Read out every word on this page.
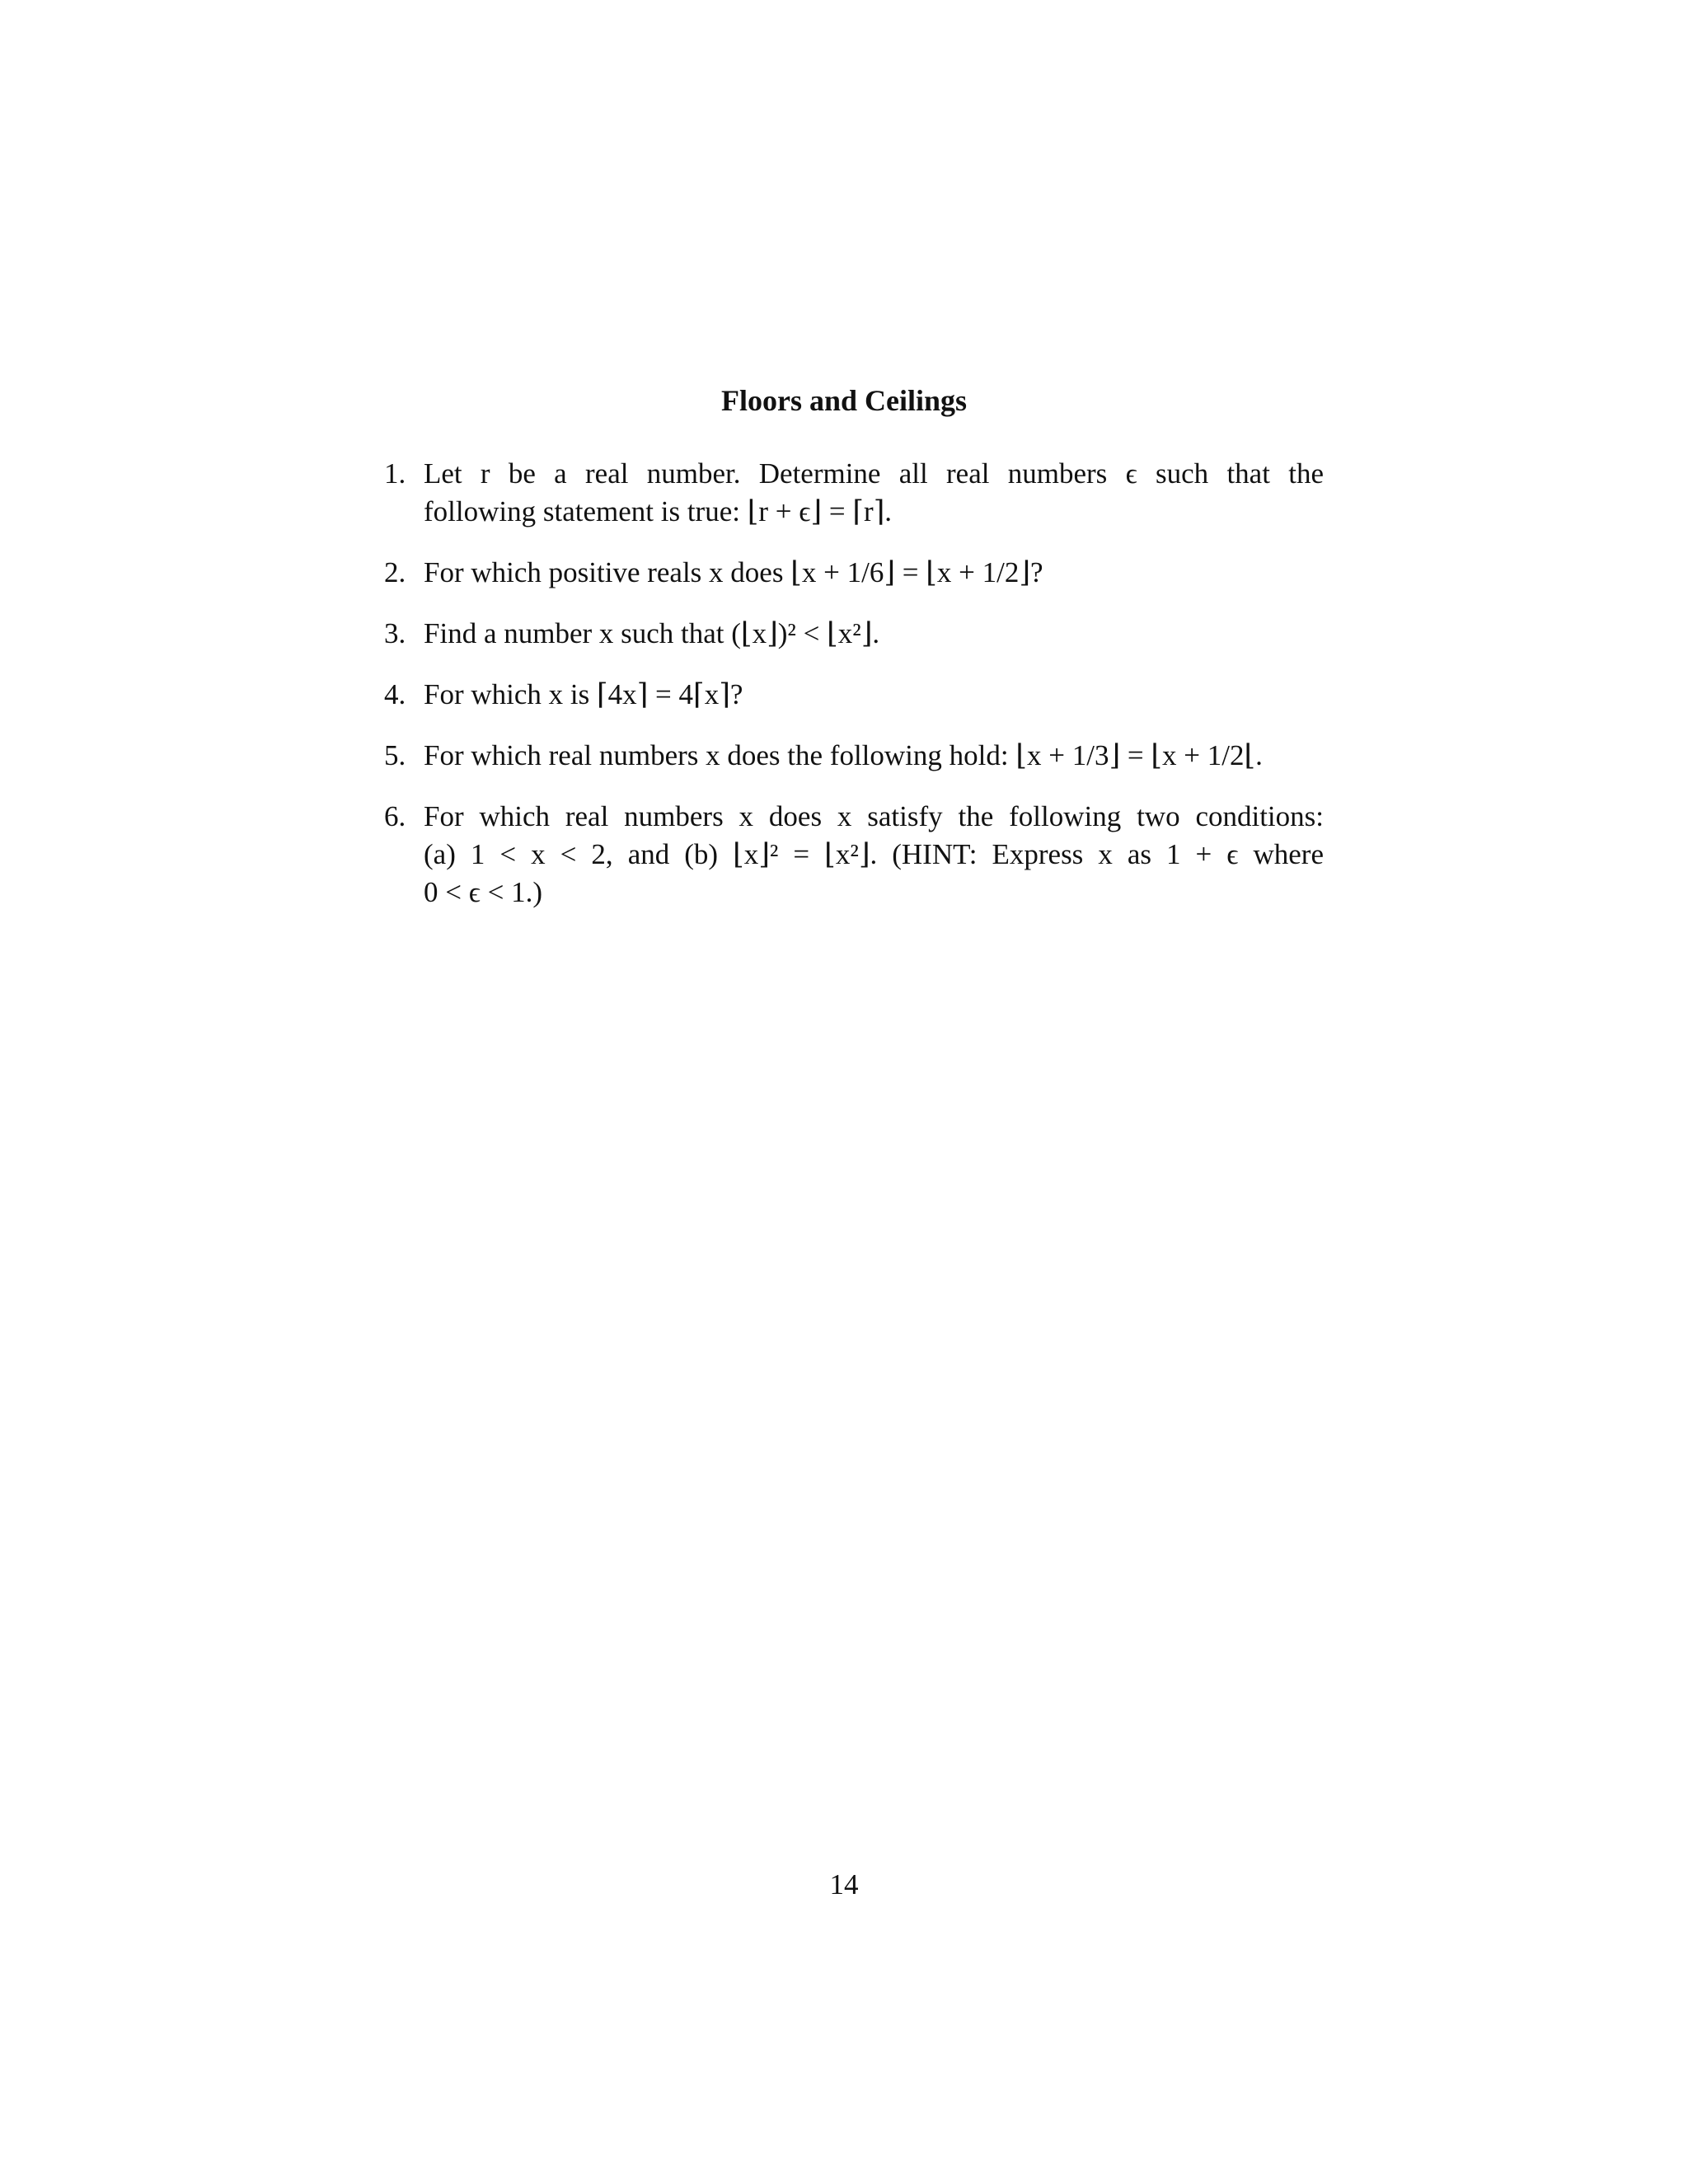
Floors and Ceilings
1. Let r be a real number. Determine all real numbers ϵ such that the
following statement is true: ⌊r + ϵ⌋ = ⌈r⌉.
2. For which positive reals x does ⌊x + 1/6⌋ = ⌊x + 1/2⌋?
3. Find a number x such that (⌊x⌋)² < ⌊x²⌋.
4. For which x is ⌈4x⌉ = 4⌈x⌉?
5. For which real numbers x does the following hold: ⌊x + 1/3⌋ = ⌊x + 1/2⌊.
6. For which real numbers x does x satisfy the following two conditions:
(a) 1 < x < 2, and (b) ⌊x⌋² = ⌊x²⌋. (HINT: Express x as 1 + ϵ where
0 < ϵ < 1.)
14
